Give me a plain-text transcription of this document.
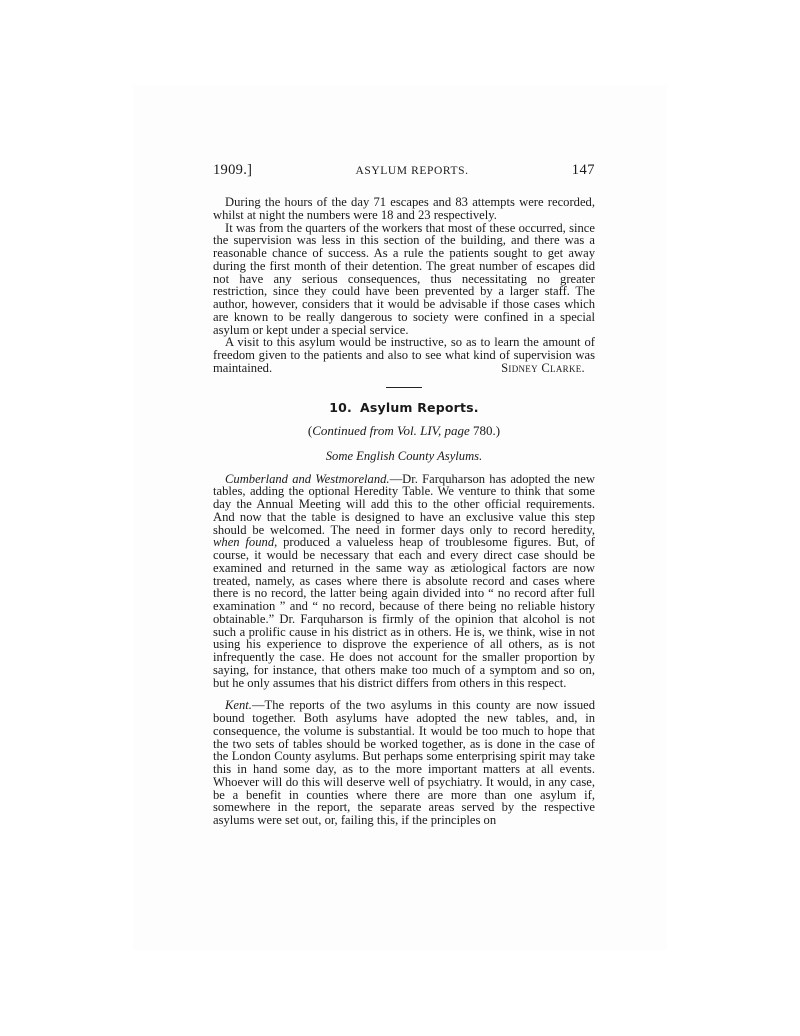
1909.]	ASYLUM REPORTS.	147

During the hours of the day 71 escapes and 83 attempts were recorded, whilst at night the numbers were 18 and 23 respectively.

It was from the quarters of the workers that most of these occurred, since the supervision was less in this section of the building, and there was a reasonable chance of success. As a rule the patients sought to get away during the first month of their detention. The great number of escapes did not have any serious consequences, thus necessitating no greater restriction, since they could have been prevented by a larger staff. The author, however, considers that it would be advisable if those cases which are known to be really dangerous to society were confined in a special asylum or kept under a special service.

A visit to this asylum would be instructive, so as to learn the amount of freedom given to the patients and also to see what kind of supervision was maintained.	Sidney Clarke.

10. Asylum Reports.
(Continued from Vol. LIV, page 780.)
Some English County Asylums.

Cumberland and Westmoreland.—Dr. Farquharson has adopted the new tables, adding the optional Heredity Table. We venture to think that some day the Annual Meeting will add this to the other official requirements. And now that the table is designed to have an exclusive value this step should be welcomed. The need in former days only to record heredity, when found, produced a valueless heap of troublesome figures. But, of course, it would be necessary that each and every direct case should be examined and returned in the same way as ætiological factors are now treated, namely, as cases where there is absolute record and cases where there is no record, the latter being again divided into “ no record after full examination ” and “ no record, because of there being no reliable history obtainable.” Dr. Farquharson is firmly of the opinion that alcohol is not such a prolific cause in his district as in others. He is, we think, wise in not using his experience to disprove the experience of all others, as is not infrequently the case. He does not account for the smaller proportion by saying, for instance, that others make too much of a symptom and so on, but he only assumes that his district differs from others in this respect.

Kent.—The reports of the two asylums in this county are now issued bound together. Both asylums have adopted the new tables, and, in consequence, the volume is substantial. It would be too much to hope that the two sets of tables should be worked together, as is done in the case of the London County asylums. But perhaps some enterprising spirit may take this in hand some day, as to the more important matters at all events. Whoever will do this will deserve well of psychiatry. It would, in any case, be a benefit in counties where there are more than one asylum if, somewhere in the report, the separate areas served by the respective asylums were set out, or, failing this, if the principles on
